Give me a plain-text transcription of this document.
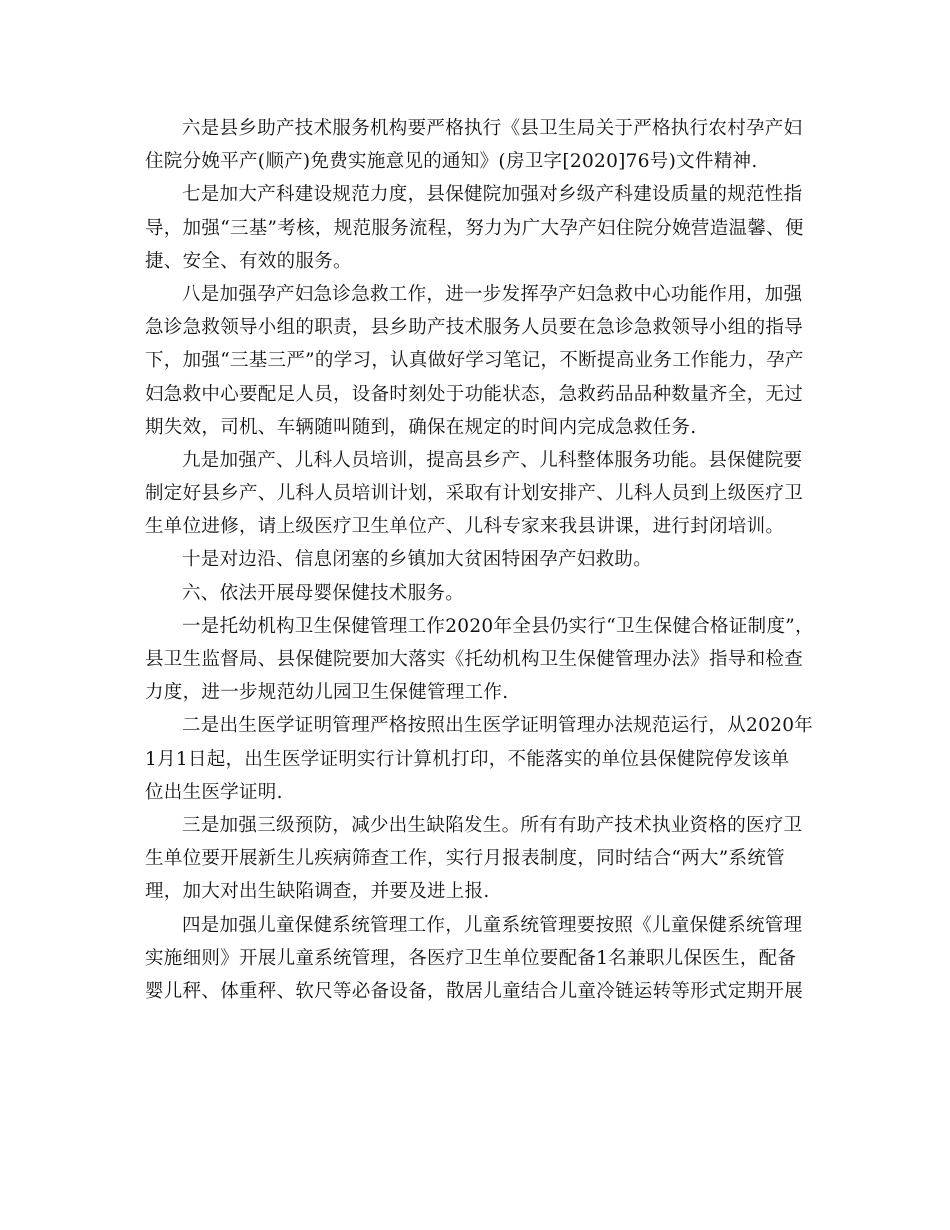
六是县乡助产技术服务机构要严格执行《县卫生局关于严格执行农村孕产妇
住院分娩平产(顺产)免费实施意见的通知》(房卫字[2020]76号)文件精神.

七是加大产科建设规范力度，县保健院加强对乡级产科建设质量的规范性指
导，加强“三基”考核，规范服务流程，努力为广大孕产妇住院分娩营造温馨、便
捷、安全、有效的服务。

八是加强孕产妇急诊急救工作，进一步发挥孕产妇急救中心功能作用，加强
急诊急救领导小组的职责，县乡助产技术服务人员要在急诊急救领导小组的指导
下，加强“三基三严”的学习，认真做好学习笔记，不断提高业务工作能力，孕产
妇急救中心要配足人员，设备时刻处于功能状态，急救药品品种数量齐全，无过
期失效，司机、车辆随叫随到，确保在规定的时间内完成急救任务.

九是加强产、儿科人员培训，提高县乡产、儿科整体服务功能。县保健院要
制定好县乡产、儿科人员培训计划，采取有计划安排产、儿科人员到上级医疗卫
生单位进修，请上级医疗卫生单位产、儿科专家来我县讲课，进行封闭培训。

十是对边沿、信息闭塞的乡镇加大贫困特困孕产妇救助。

六、依法开展母婴保健技术服务。

一是托幼机构卫生保健管理工作2020年全县仍实行“卫生保健合格证制度”，
县卫生监督局、县保健院要加大落实《托幼机构卫生保健管理办法》指导和检查
力度，进一步规范幼儿园卫生保健管理工作.

二是出生医学证明管理严格按照出生医学证明管理办法规范运行，从2020年
1月1日起，出生医学证明实行计算机打印，不能落实的单位县保健院停发该单
位出生医学证明.

三是加强三级预防，减少出生缺陷发生。所有有助产技术执业资格的医疗卫
生单位要开展新生儿疾病筛查工作，实行月报表制度，同时结合“两大”系统管
理，加大对出生缺陷调查，并要及进上报.

四是加强儿童保健系统管理工作，儿童系统管理要按照《儿童保健系统管理
实施细则》开展儿童系统管理，各医疗卫生单位要配备1名兼职儿保医生，配备
婴儿秤、体重秤、软尺等必备设备，散居儿童结合儿童冷链运转等形式定期开展
